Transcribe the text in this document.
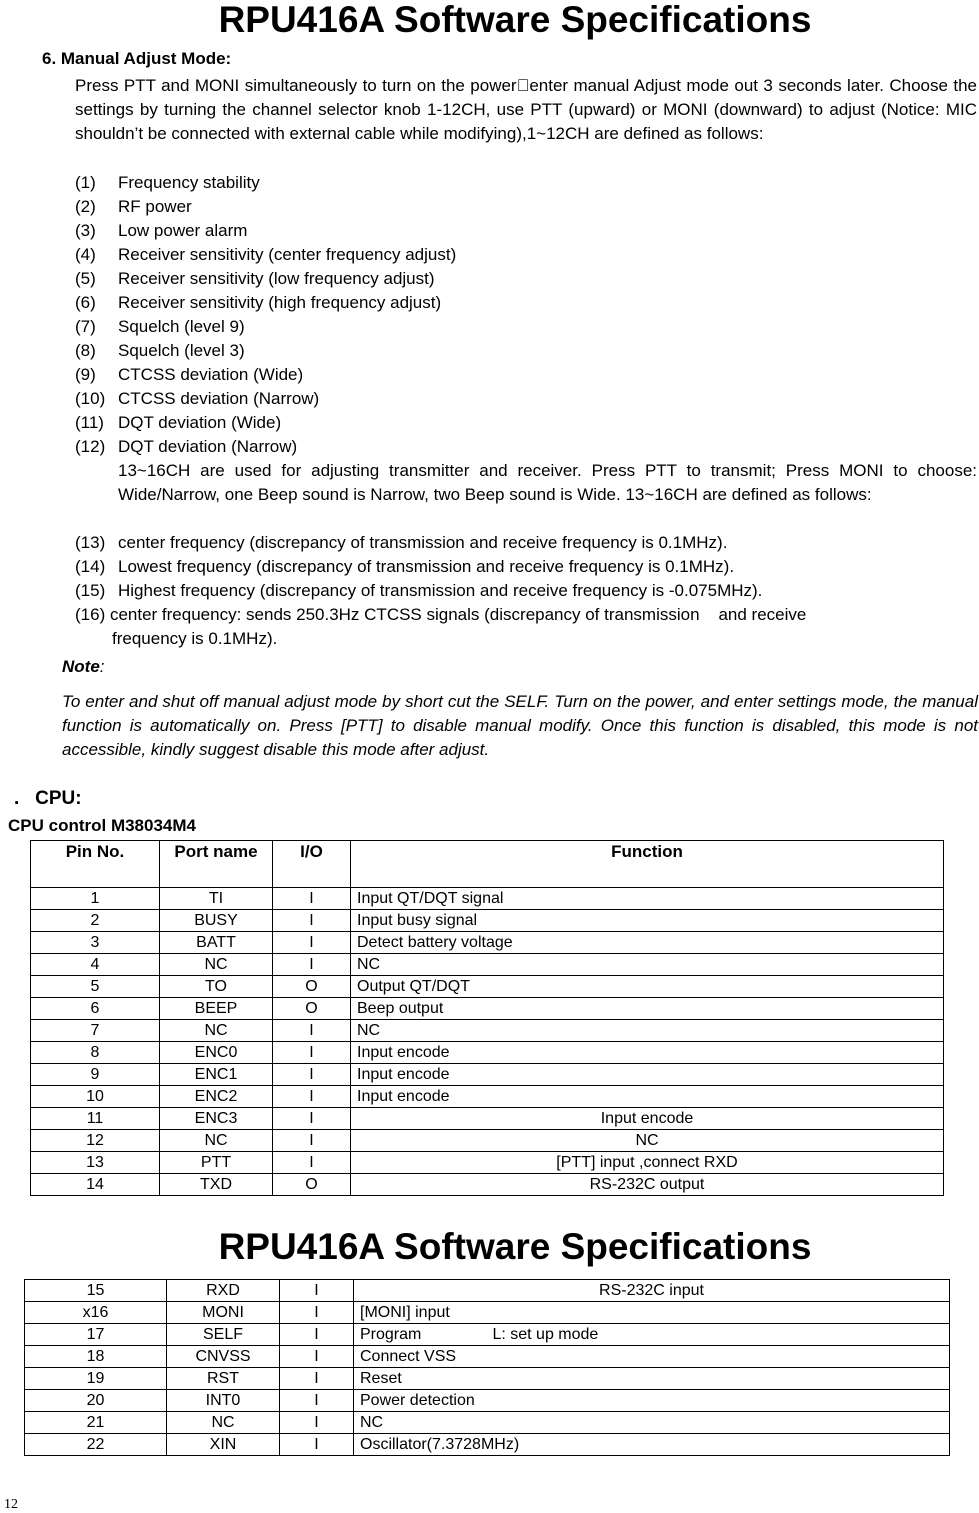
RPU416A Software Specifications
6. Manual Adjust Mode:
Press PTT and MONI simultaneously to turn on the power enter manual Adjust mode out 3 seconds later. Choose the settings by turning the channel selector knob 1-12CH, use PTT (upward) or MONI (downward) to adjust (Notice: MIC shouldn’t be connected with external cable while modifying),1~12CH are defined as follows:
(1) Frequency stability
(2) RF power
(3) Low power alarm
(4) Receiver sensitivity (center frequency adjust)
(5) Receiver sensitivity (low frequency adjust)
(6) Receiver sensitivity (high frequency adjust)
(7) Squelch (level 9)
(8) Squelch (level 3)
(9) CTCSS deviation (Wide)
(10) CTCSS deviation (Narrow)
(11) DQT deviation (Wide)
(12) DQT deviation (Narrow)
13~16CH are used for adjusting transmitter and receiver. Press PTT to transmit; Press MONI to choose: Wide/Narrow, one Beep sound is Narrow, two Beep sound is Wide. 13~16CH are defined as follows:
(13) center frequency (discrepancy of transmission and receive frequency is 0.1MHz).
(14) Lowest frequency (discrepancy of transmission and receive frequency is 0.1MHz).
(15) Highest frequency (discrepancy of transmission and receive frequency is -0.075MHz).
(16) center frequency: sends 250.3Hz CTCSS signals (discrepancy of transmission    and receive
frequency is 0.1MHz).
Note:
To enter and shut off manual adjust mode by short cut the SELF. Turn on the power, and enter settings mode, the manual function is automatically on. Press [PTT] to disable manual modify. Once this function is disabled, this mode is not accessible, kindly suggest disable this mode after adjust.
.   CPU:
CPU control M38034M4
Pin No.	Port name	I/O	Function
1	TI	I	Input QT/DQT signal
2	BUSY	I	Input busy signal
3	BATT	I	Detect battery voltage
4	NC	I	NC
5	TO	O	Output QT/DQT
6	BEEP	O	Beep output
7	NC	I	NC
8	ENC0	I	Input encode
9	ENC1	I	Input encode
10	ENC2	I	Input encode
11	ENC3	I	Input encode
12	NC	I	NC
13	PTT	I	[PTT] input ,connect RXD
14	TXD	O	RS-232C output
RPU416A Software Specifications
15	RXD	I	RS-232C input
x16	MONI	I	[MONI] input
17	SELF	I	Program                L: set up mode
18	CNVSS	I	Connect VSS
19	RST	I	Reset
20	INT0	I	Power detection
21	NC	I	NC
22	XIN	I	Oscillator(7.3728MHz)
12
